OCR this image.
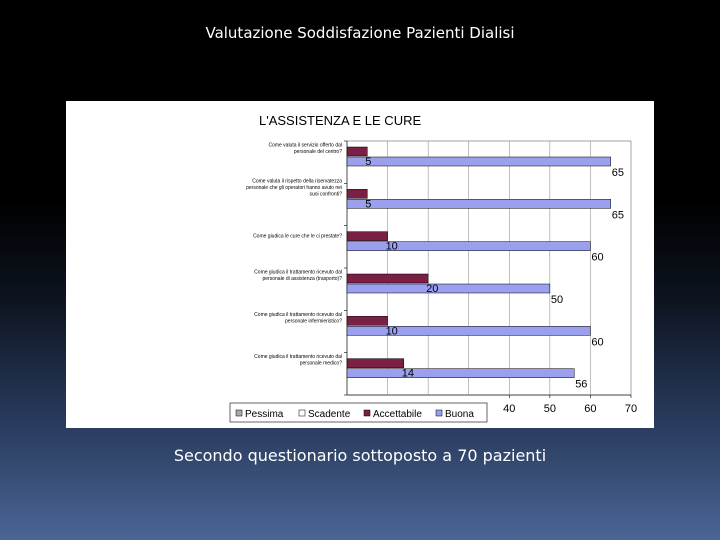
Valutazione Soddisfazione Pazienti Dialisi
L'ASSISTENZA E LE CURE
40	50	60	70
Come valuta il servizio offerto dal
personale del centro?
5
65
Come valuta il rispetto della riservatezza
personale che gli operatori hanno avuto nei
suoi confronti?
5
65
Come giudica le cure che le ci prestate?
10
60
Come giudica il trattamento ricevuto dal
personale di assistenza (trasporto)?
20
50
Come giudica il trattamento ricevuto dal
personale infermieristico?
10
60
Come giudica il trattamento ricevuto dal
personale medico?
14
56
Pessima Scadente Accettabile Buona
Secondo questionario sottoposto a 70 pazienti
